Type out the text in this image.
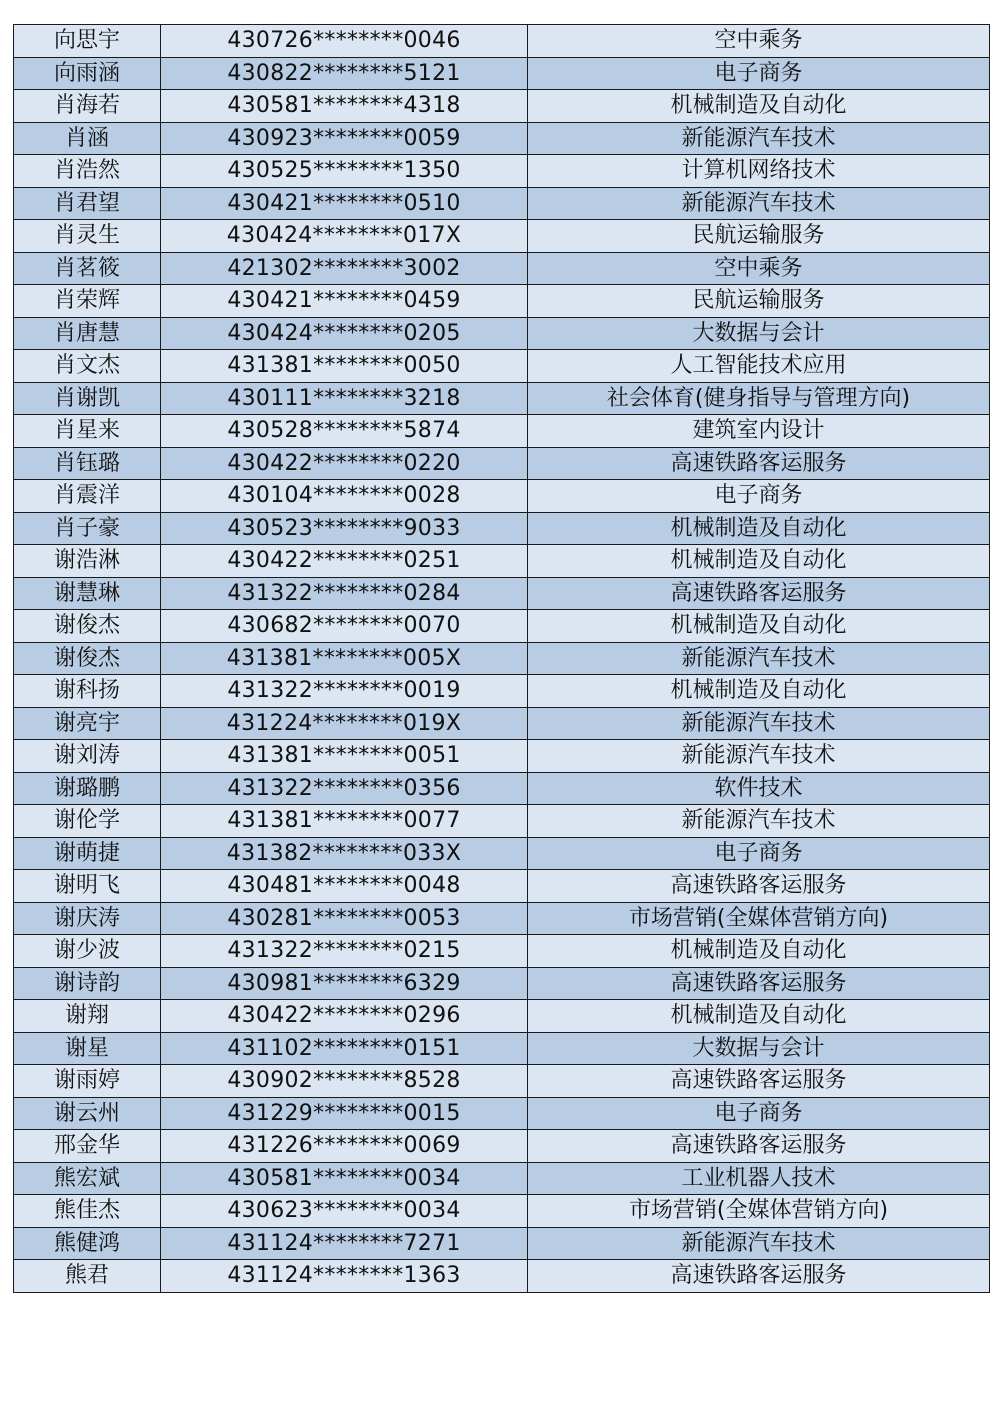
向思宇	430726********0046	空中乘务
向雨涵	430822********5121	电子商务
肖海若	430581********4318	机械制造及自动化
肖涵	430923********0059	新能源汽车技术
肖浩然	430525********1350	计算机网络技术
肖君望	430421********0510	新能源汽车技术
肖灵生	430424********017X	民航运输服务
肖茗筱	421302********3002	空中乘务
肖荣辉	430421********0459	民航运输服务
肖唐慧	430424********0205	大数据与会计
肖文杰	431381********0050	人工智能技术应用
肖谢凯	430111********3218	社会体育(健身指导与管理方向)
肖星来	430528********5874	建筑室内设计
肖钰璐	430422********0220	高速铁路客运服务
肖震洋	430104********0028	电子商务
肖子豪	430523********9033	机械制造及自动化
谢浩淋	430422********0251	机械制造及自动化
谢慧琳	431322********0284	高速铁路客运服务
谢俊杰	430682********0070	机械制造及自动化
谢俊杰	431381********005X	新能源汽车技术
谢科扬	431322********0019	机械制造及自动化
谢亮宇	431224********019X	新能源汽车技术
谢刘涛	431381********0051	新能源汽车技术
谢璐鹏	431322********0356	软件技术
谢伦学	431381********0077	新能源汽车技术
谢萌捷	431382********033X	电子商务
谢明飞	430481********0048	高速铁路客运服务
谢庆涛	430281********0053	市场营销(全媒体营销方向)
谢少波	431322********0215	机械制造及自动化
谢诗韵	430981********6329	高速铁路客运服务
谢翔	430422********0296	机械制造及自动化
谢星	431102********0151	大数据与会计
谢雨婷	430902********8528	高速铁路客运服务
谢云州	431229********0015	电子商务
邢金华	431226********0069	高速铁路客运服务
熊宏斌	430581********0034	工业机器人技术
熊佳杰	430623********0034	市场营销(全媒体营销方向)
熊健鸿	431124********7271	新能源汽车技术
熊君	431124********1363	高速铁路客运服务
